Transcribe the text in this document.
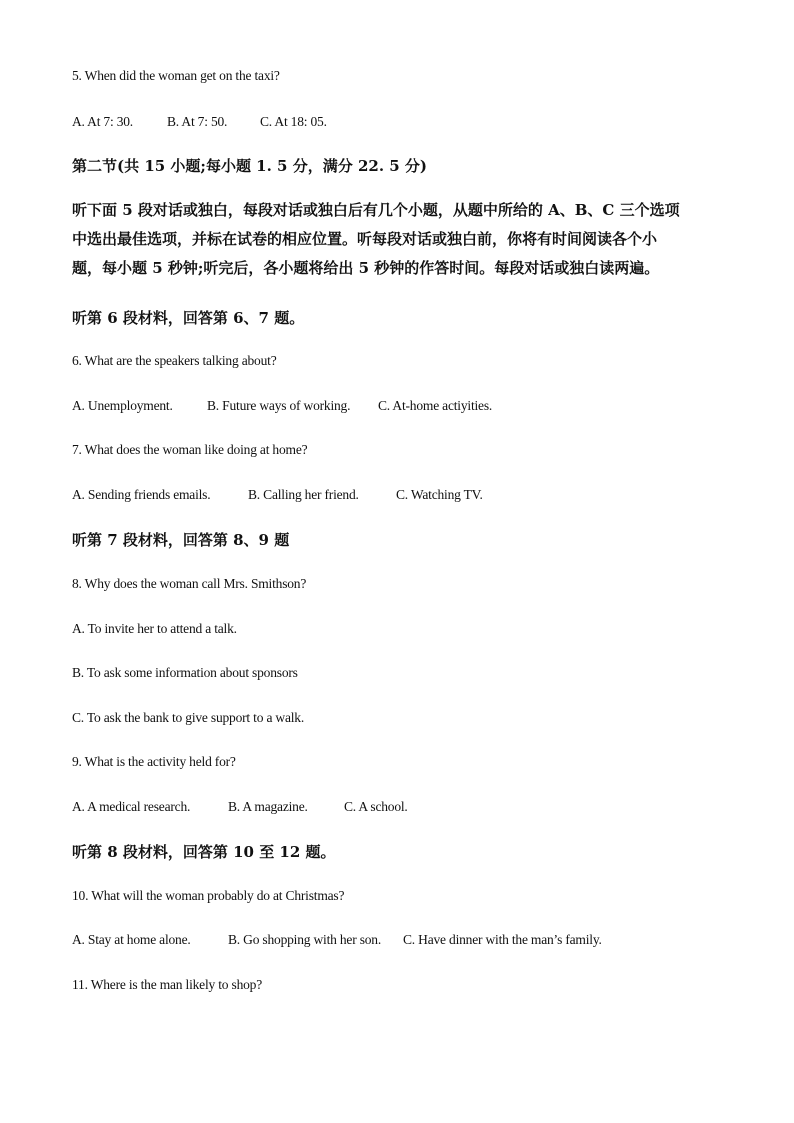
5. When did the woman get on the taxi?
A. At 7: 30.	B. At 7: 50. C. At 18: 05.
第二节(共 15 小题;每小题 1. 5 分，满分 22. 5 分)
听下面 5 段对话或独白，每段对话或独白后有几个小题，从题中所给的 A、B、C 三个选项
中选出最佳选项，并标在试卷的相应位置。听每段对话或独白前，你将有时间阅读各个小
题，每小题 5 秒钟;听完后，各小题将给出 5 秒钟的作答时间。每段对话或独白读两遍。
听第 6 段材料，回答第 6、7 题。
6. What are the speakers talking about?
A. Unemployment.	B. Future ways of working. C. At-home actiyities.
7. What does the woman like doing at home?
A. Sending friends emails.	B. Calling her friend.	C. Watching TV.
听第 7 段材料，回答第 8、9 题
8. Why does the woman call Mrs. Smithson?
A. To invite her to attend a talk.
B. To ask some information about sponsors
C. To ask the bank to give support to a walk.
9. What is the activity held for?
A. A medical research.	B. A magazine.	C. A school.
听第 8 段材料，回答第 10 至 12 题。
10. What will the woman probably do at Christmas?
A. Stay at home alone.	B. Go shopping with her son. C. Have dinner with the man’s family.
11. Where is the man likely to shop?
